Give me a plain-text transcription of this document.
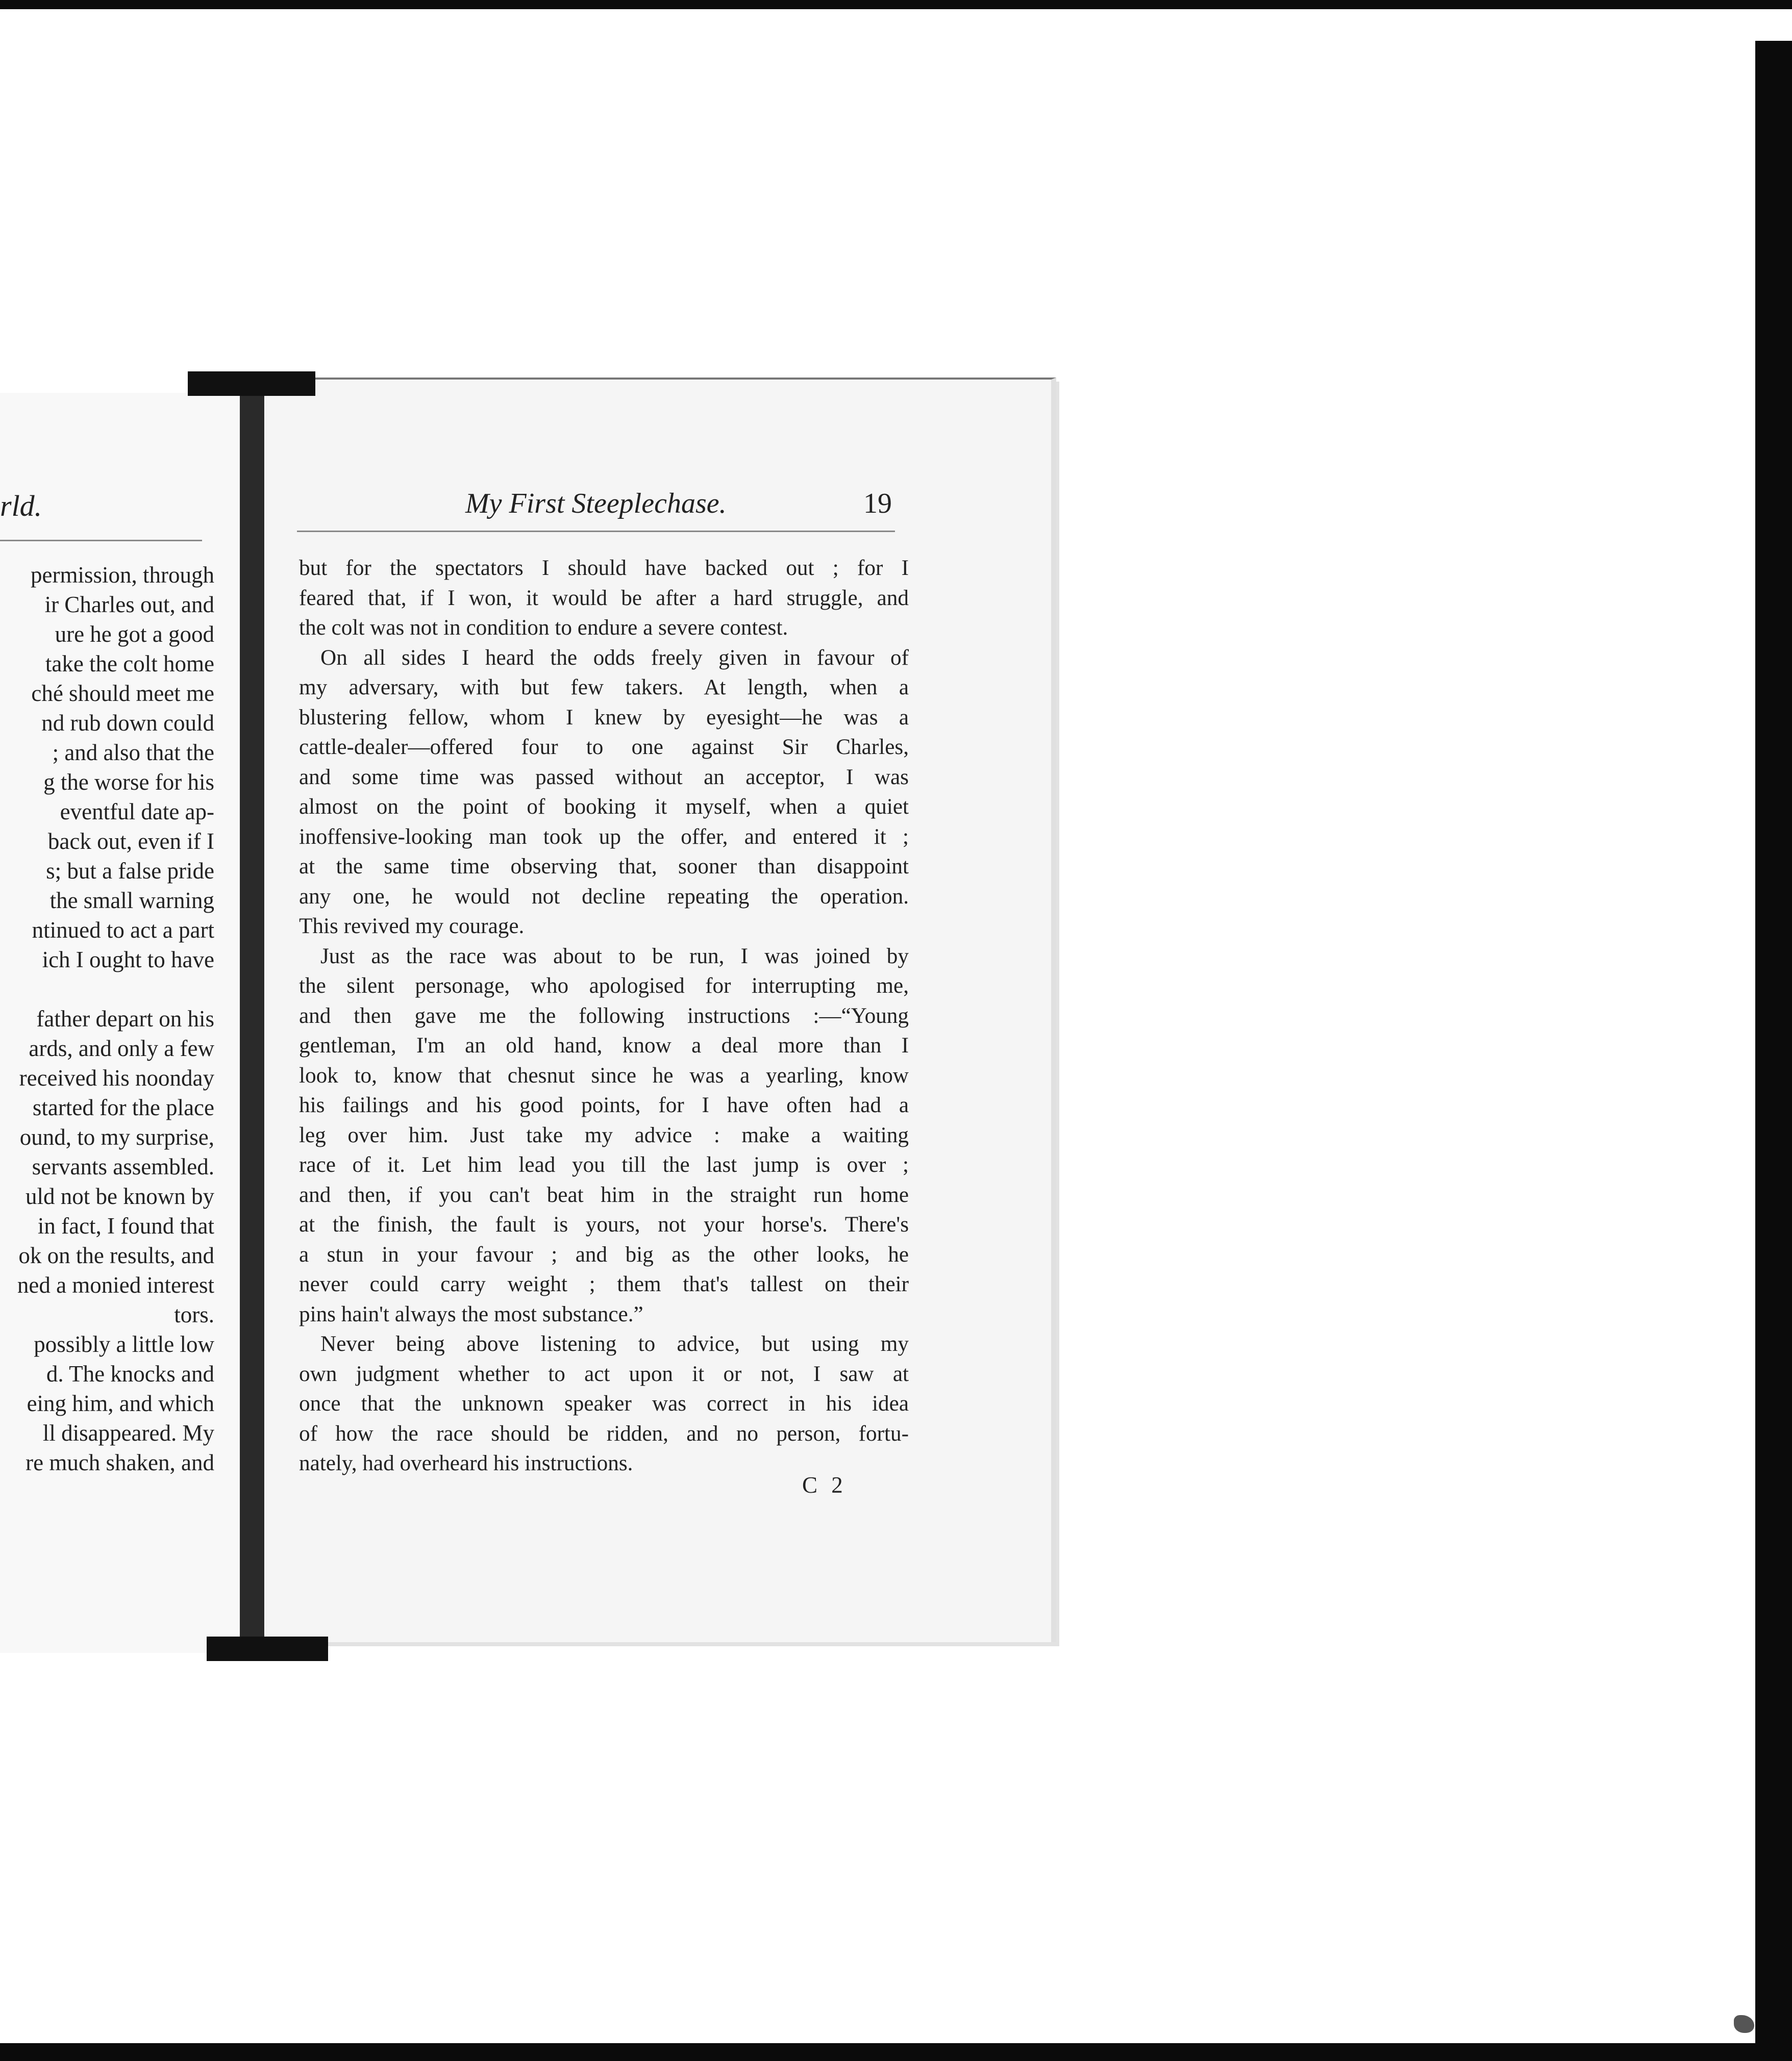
rld.
permission, through
ir Charles out, and
ure he got a good
take the colt home
ché should meet me
nd rub down could
; and also that the
g the worse for his
eventful date ap-
back out, even if I
s; but a false pride
the small warning
ntinued to act a part
ich I ought to have

father depart on his
ards, and only a few
received his noonday
started for the place
ound, to my surprise,
servants assembled.
uld not be known by
in fact, I found that
ok on the results, and
ned a monied interest
tors.
possibly a little low
d. The knocks and
eing him, and which
ll disappeared. My
re much shaken, and
My First Steeplechase.	19

but for the spectators I should have backed out ; for I
feared that, if I won, it would be after a hard struggle, and
the colt was not in condition to endure a severe contest.

On all sides I heard the odds freely given in favour of
my adversary, with but few takers. At length, when a
blustering fellow, whom I knew by eyesight—he was a
cattle-dealer—offered four to one against Sir Charles,
and some time was passed without an acceptor, I was
almost on the point of booking it myself, when a quiet
inoffensive-looking man took up the offer, and entered it ;
at the same time observing that, sooner than disappoint
any one, he would not decline repeating the operation.
This revived my courage.

Just as the race was about to be run, I was joined by
the silent personage, who apologised for interrupting me,
and then gave me the following instructions :—“Young
gentleman, I'm an old hand, know a deal more than I
look to, know that chesnut since he was a yearling, know
his failings and his good points, for I have often had a
leg over him. Just take my advice : make a waiting
race of it. Let him lead you till the last jump is over ;
and then, if you can't beat him in the straight run home
at the finish, the fault is yours, not your horse's. There's
a stun in your favour ; and big as the other looks, he
never could carry weight ; them that's tallest on their
pins hain't always the most substance.”

Never being above listening to advice, but using my
own judgment whether to act upon it or not, I saw at
once that the unknown speaker was correct in his idea
of how the race should be ridden, and no person, fortu-
nately, had overheard his instructions.

C 2
